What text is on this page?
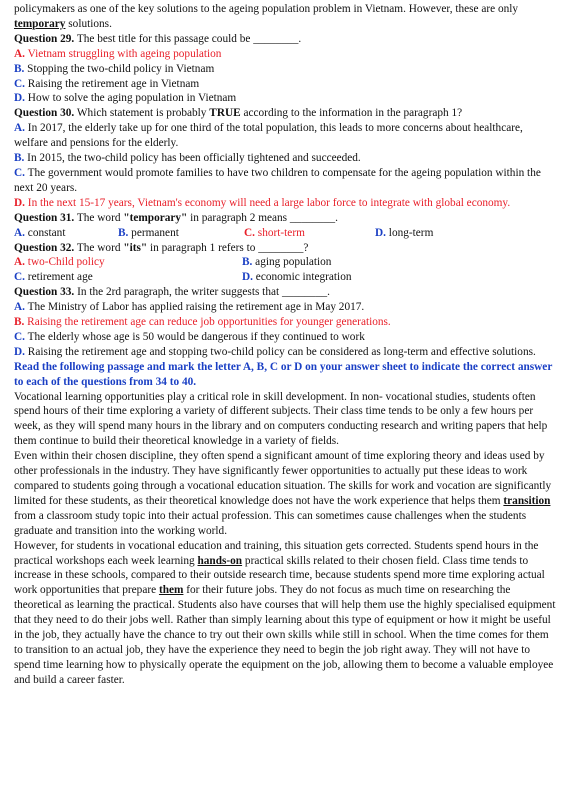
policymakers as one of the key solutions to the ageing population problem in Vietnam. However, these are only temporary solutions.

Question 29. The best title for this passage could be ________.

A. Vietnam struggling with ageing population

B. Stopping the two-child policy in Vietnam

C. Raising the retirement age in Vietnam

D. How to solve the aging population in Vietnam

Question 30. Which statement is probably TRUE according to the information in the paragraph 1?

A. In 2017, the elderly take up for one third of the total population, this leads to more concerns about healthcare, welfare and pensions for the elderly.

B. In 2015, the two-child policy has been officially tightened and succeeded.

C. The government would promote families to have two children to compensate for the ageing population within the next 20 years.

D. In the next 15-17 years, Vietnam's economy will need a large labor force to integrate with global economy.

Question 31. The word "temporary" in paragraph 2 means ________.

A. constant	B. permanent	C. short-term	D. long-term

Question 32. The word "its" in paragraph 1 refers to ________?

A. two-Child policy	B. aging population
C. retirement age	D. economic integration

Question 33. In the 2rd paragraph, the writer suggests that ________.

A. The Ministry of Labor has applied raising the retirement age in May 2017.

B. Raising the retirement age can reduce job opportunities for younger generations.

C. The elderly whose age is 50 would be dangerous if they continued to work

D. Raising the retirement age and stopping two-child policy can be considered as long-term and effective solutions.

Read the following passage and mark the letter A, B, C or D on your answer sheet to indicate the correct answer to each of the questions from 34 to 40.

Vocational learning opportunities play a critical role in skill development. In non- vocational studies, students often spend hours of their time exploring a variety of different subjects. Their class time tends to be only a few hours per week, as they will spend many hours in the library and on computers conducting research and writing papers that help them continue to build their theoretical knowledge in a variety of fields.

Even within their chosen discipline, they often spend a significant amount of time exploring theory and ideas used by other professionals in the industry. They have significantly fewer opportunities to actually put these ideas to work compared to students going through a vocational education situation. The skills for work and vocation are significantly limited for these students, as their theoretical knowledge does not have the work experience that helps them transition from a classroom study topic into their actual profession. This can sometimes cause challenges when the students graduate and transition into the working world.

However, for students in vocational education and training, this situation gets corrected. Students spend hours in the practical workshops each week learning hands-on practical skills related to their chosen field. Class time tends to increase in these schools, compared to their outside research time, because students spend more time exploring actual work opportunities that prepare them for their future jobs. They do not focus as much time on researching the theoretical as learning the practical. Students also have courses that will help them use the highly specialised equipment that they need to do their jobs well. Rather than simply learning about this type of equipment or how it might be useful in the job, they actually have the chance to try out their own skills while still in school. When the time comes for them to transition to an actual job, they have the experience they need to begin the job right away. They will not have to spend time learning how to physically operate the equipment on the job, allowing them to become a valuable employee and build a career faster.
